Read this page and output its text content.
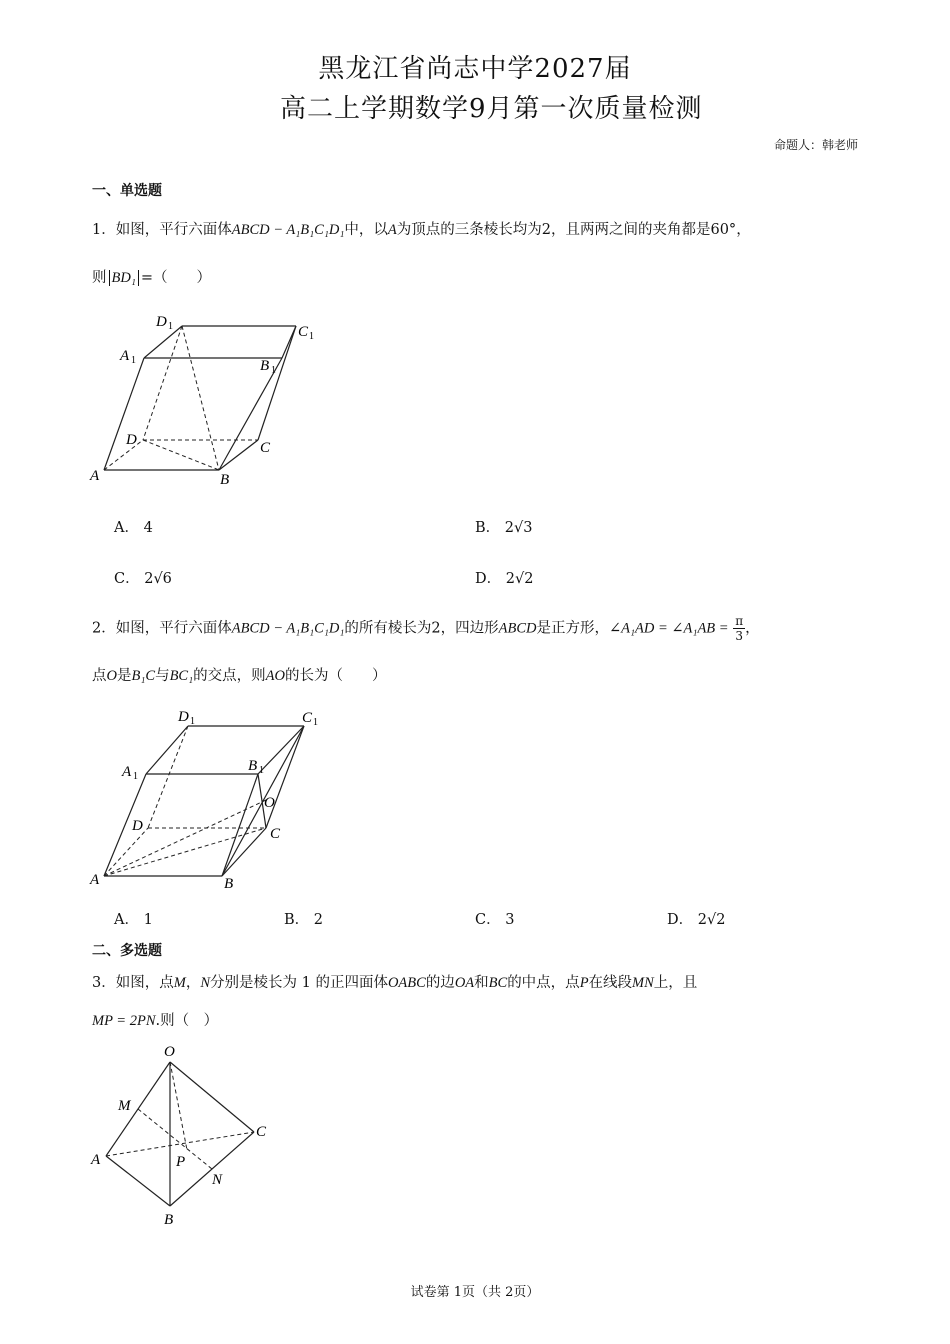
黑龙江省尚志中学2027届
高二上学期数学9月第一次质量检测
命题人：韩老师
一、单选题
1．如图，平行六面体ABCD − A₁B₁C₁D₁中，以A为顶点的三条棱长均为2，且两两之间的夹角都是60°，
则 BD₁ =（　　）
D 1	C 1
A 1	B 1
D	C
A	B
A． 4	B． 2√3
C． 2√6	D． 2√2
2．如图，平行六面体ABCD − A₁B₁C₁D₁的所有棱长为2，四边形ABCD是正方形，∠A₁AD = ∠A₁AB = $\frac{\pi}{3}$ ，
点O是B₁C与BC₁的交点，则AO的长为（　　）
D 1	C 1
A 1
B 1
O
D	C
A	B
A． 1	B． 2	C． 3	D． 2√2
二、多选题
3．如图，点M，N分别是棱长为 1 的正四面体OABC的边OA和BC的中点，点P在线段MN上，且
MP = 2PN.则（　）
O
M
C
A	P
N
B
试卷第 1页（共 2页）
